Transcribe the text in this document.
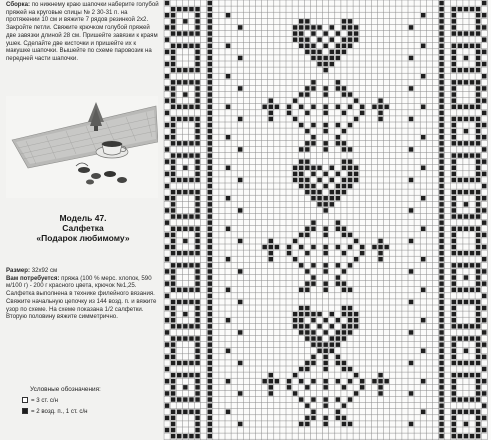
Сборка: по нижнему краю шапочки наберите голубой пряжей на круговые спицы № 2 30-31 п. на протяжении 10 см и вяжите 7 рядов резинкой 2х2. Закройте петли. Свяжите крючком голубой пряжей две завязки длиной 28 см. Пришейте завязки к краям ушек. Сделайте две кисточки и пришейте их к макушке шапочки. Вышейте по схеме паровозик на передней части шапочки.
Модель 47.
Салфетка
«Подарок любимому»
Размер: 32х92 см
Вам потребуется: пряжа (100 % мерс. хлопок, 590 м/100 г) - 200 г красного цвета, крючок №1,25.
Салфетка выполнена в технике филейного вязания. Свяжите начальную цепочку из 144 возд. п. и вяжите узор по схеме. На схеме показана 1/2 салфетки. Вторую половину вяжите симметрично.
Условные обозначения:
= 3 ст. с/н
= 2 возд. п., 1 ст. с/н
